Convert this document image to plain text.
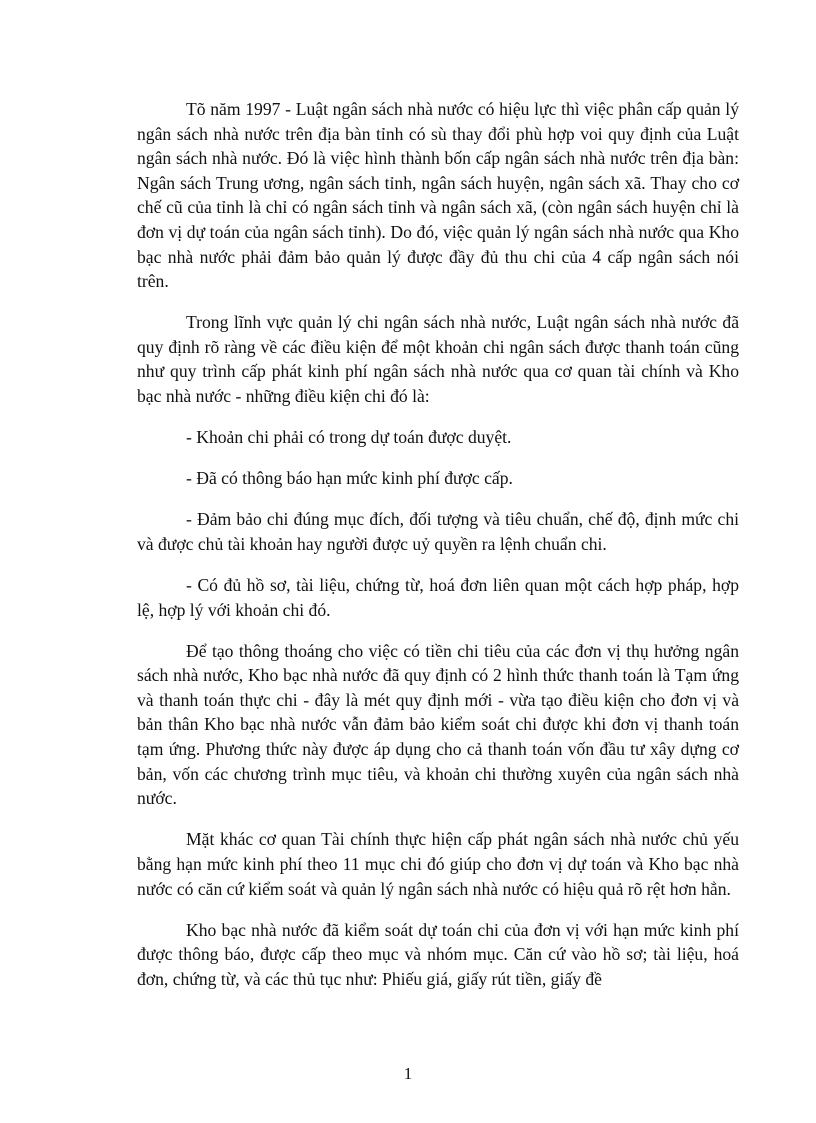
Tõ năm 1997 - Luật ngân sách nhà nước có hiệu lực thì việc phân cấp quản lý ngân sách nhà nước trên địa bàn tỉnh có sù thay đổi phù hợp voi quy định của Luật ngân sách nhà nước. Đó là việc hình thành bốn cấp ngân sách nhà nước trên địa bàn: Ngân sách Trung ương, ngân sách tỉnh, ngân sách huyện, ngân sách xã. Thay cho cơ chế cũ của tỉnh là chỉ có ngân sách tỉnh và ngân sách xã, (còn ngân sách huyện chỉ là đơn vị dự toán của ngân sách tỉnh). Do đó, việc quản lý ngân sách nhà nước qua Kho bạc nhà nước phải đảm bảo quản lý được đầy đủ thu chi của 4 cấp ngân sách nói trên.

Trong lĩnh vực quản lý chi ngân sách nhà nước, Luật ngân sách nhà nước đã quy định rõ ràng về các điều kiện để một khoản chi ngân sách được thanh toán cũng như quy trình cấp phát kinh phí ngân sách nhà nước qua cơ quan tài chính và Kho bạc nhà nước - những điều kiện chi đó là:

- Khoản chi phải có trong dự toán được duyệt.

- Đã có thông báo hạn mức kinh phí được cấp.

- Đảm bảo chi đúng mục đích, đối tượng và tiêu chuẩn, chế độ, định mức chi và được chủ tài khoản hay người được uỷ quyền ra lệnh chuẩn chi.

- Có đủ hồ sơ, tài liệu, chứng từ, hoá đơn liên quan một cách hợp pháp, hợp lệ, hợp lý với khoản chi đó.

Để tạo thông thoáng cho việc có tiền chi tiêu của các đơn vị thụ hưởng ngân sách nhà nước, Kho bạc nhà nước đã quy định có 2 hình thức thanh toán là Tạm ứng và thanh toán thực chi - đây là mét quy định mới - vừa tạo điều kiện cho đơn vị và bản thân Kho bạc nhà nước vẫn đảm bảo kiểm soát chi được khi đơn vị thanh toán tạm ứng. Phương thức này được áp dụng cho cả thanh toán vốn đầu tư xây dựng cơ bản, vốn các chương trình mục tiêu, và khoản chi thường xuyên của ngân sách nhà nước.

Mặt khác cơ quan Tài chính thực hiện cấp phát ngân sách nhà nước chủ yếu bằng hạn mức kinh phí theo 11 mục chi đó giúp cho đơn vị dự toán và Kho bạc nhà nước có căn cứ kiểm soát và quản lý ngân sách nhà nước có hiệu quả rõ rệt hơn hẳn.

Kho bạc nhà nước đã kiểm soát dự toán chi của đơn vị với hạn mức kinh phí được thông báo, được cấp theo mục và nhóm mục. Căn cứ vào hồ sơ; tài liệu, hoá đơn, chứng từ, và các thủ tục như: Phiếu giá, giấy rút tiền, giấy đề

1
